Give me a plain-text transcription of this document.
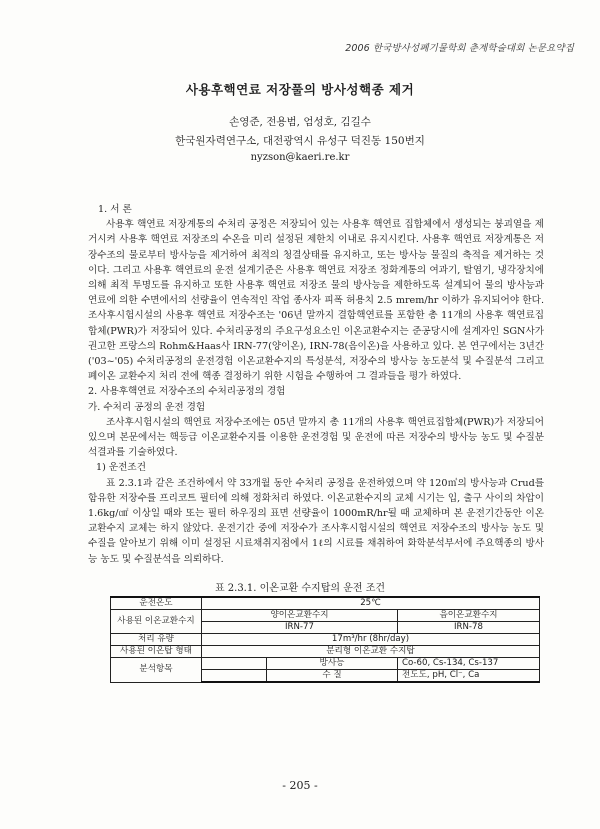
2006 한국방사성폐기물학회 춘계학술대회 논문요약집
사용후핵연료 저장풀의 방사성핵종 제거
손영준, 전용범, 엄성호, 김길수
한국원자력연구소, 대전광역시 유성구 덕진동 150번지
nyzson@kaeri.re.kr

1. 서 론

사용후 핵연료 저장계통의 수처리 공정은 저장되어 있는 사용후 핵연료 집합체에서 생성되는 붕괴열을 제거시켜 사용후 핵연료 저장조의 수온을 미리 설정된 제한치 이내로 유지시킨다. 사용후 핵연료 저장계통은 저장수조의 물로부터 방사능을 제거하여 최적의 청결상태를 유지하고, 또는 방사능 물질의 축적을 제거하는 것이다. 그리고 사용후 핵연료의 운전 설계기준은 사용후 핵연료 저장조 정화계통의 여과기, 탈염기, 냉각장치에 의해 최적 투명도를 유지하고 또한 사용후 핵연료 저장조 물의 방사능을 제한하도록 설계되어 물의 방사능과 연료에 의한 수면에서의 선량율이 연속적인 작업 종사자 피폭 허용치 2.5 mrem/hr 이하가 유지되어야 한다. 조사후시험시설의 사용후 핵연료 저장수조는 '06년 말까지 결함핵연료를 포함한 총 11개의 사용후 핵연료집합체(PWR)가 저장되어 있다. 수처리공정의 주요구성요소인 이온교환수지는 준공당시에 설계자인 SGN사가 권고한 프랑스의 Rohm&Haas사 IRN-77(양이온), IRN-78(음이온)을 사용하고 있다. 본 연구에서는 3년간('03~'05) 수처리공정의 운전경험 이온교환수지의 특성분석, 저장수의 방사능 농도분석 및 수질분석 그리고 폐이온 교환수지 처리 전에 핵종 결정하기 위한 시험을 수행하여 그 결과들을 평가 하였다.

2. 사용후핵연료 저장수조의 수처리공정의 경험

가. 수처리 공정의 운전 경험

조사후시험시설의 핵연료 저장수조에는 05년 말까지 총 11개의 사용후 핵연료집합체(PWR)가 저장되어 있으며 본문에서는 핵등급 이온교환수지를 이용한 운전경험 및 운전에 따른 저장수의 방사능 농도 및 수질분석결과를 기술하였다.

1) 운전조건

표 2.3.1과 같은 조건하에서 약 33개월 동안 수처리 공정을 운전하였으며 약 120㎥의 방사능과 Crud를 함유한 저장수를 프리코트 필터에 의해 정화처리 하였다. 이온교환수지의 교체 시기는 입, 출구 사이의 차압이 1.6kg/㎠ 이상일 때와 또는 필터 하우징의 표면 선량율이 1000mR/hr될 때 교체하며 본 운전기간동안 이온교환수지 교체는 하지 않았다. 운전기간 중에 저장수가 조사후시험시설의 핵연료 저장수조의 방사능 농도 및 수질을 알아보기 위해 이미 설정된 시료채취지점에서 1ℓ의 시료를 채취하여 화학분석부서에 주요핵종의 방사능 농도 및 수질분석을 의뢰하다.

표 2.3.1. 이온교환 수지탑의 운전 조건
운전온도	25℃		
사용된 이온교환수지	양이온교환수지		음이온교환수지
	IRN-77		IRN-78
처리 유량	17m³/hr (8hr/day)		
사용된 이온탑 형태	분리형 이온교환 수지탑		
분석항목		방사능	Co-60, Cs-134, Cs-137
		수 질	전도도, pH, Cl⁻, Ca
- 205 -
